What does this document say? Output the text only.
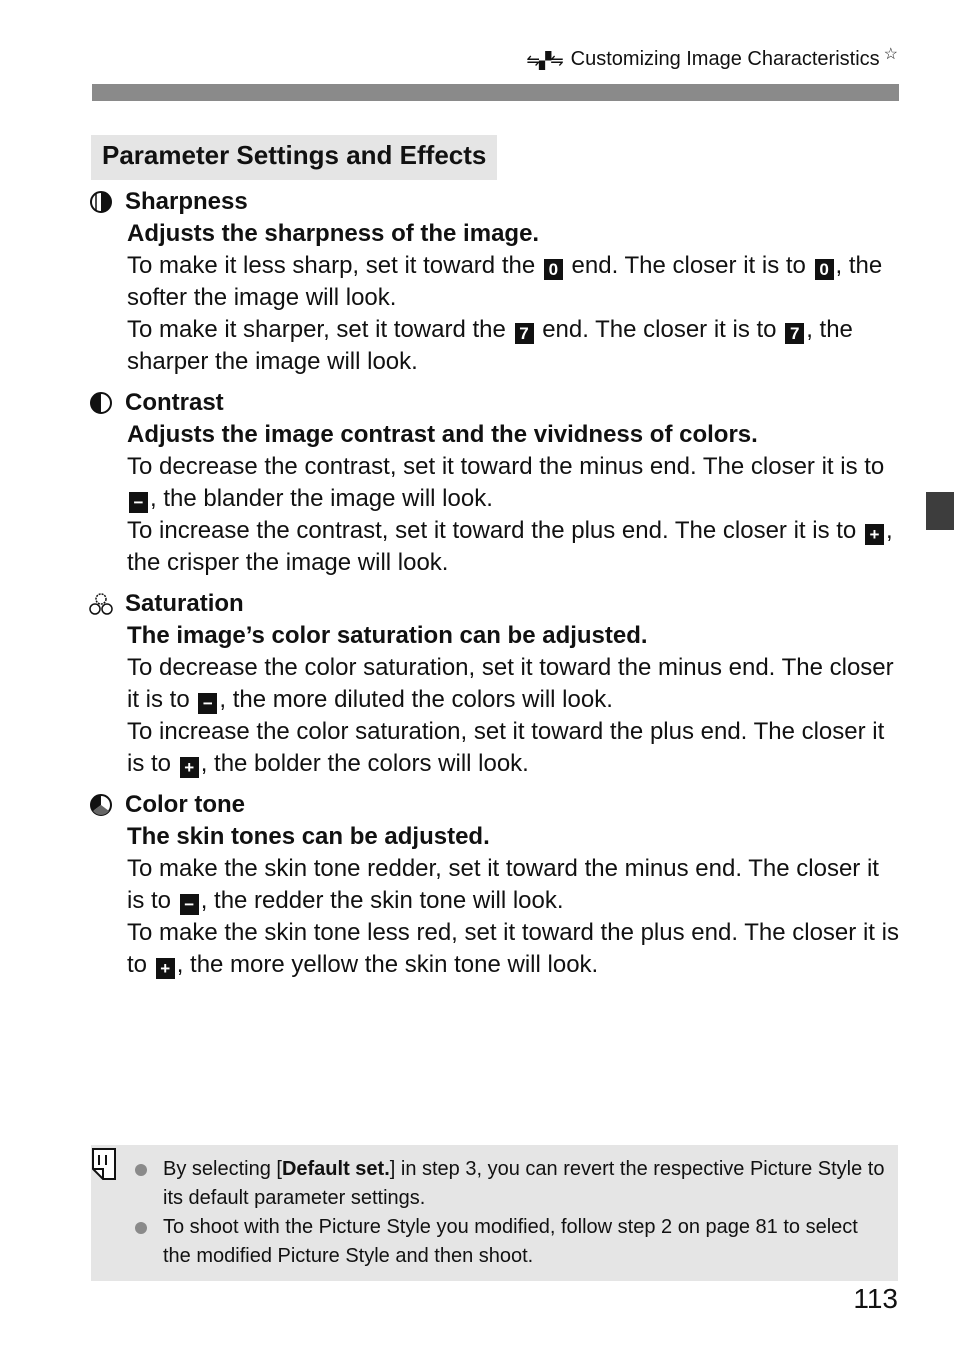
⇋▞⇋ Customizing Image Characteristics ☆
Parameter Settings and Effects
Sharpness
Adjusts the sharpness of the image.
To make it less sharp, set it toward the 0 end. The closer it is to 0 , the softer the image will look.
To make it sharper, set it toward the 7 end. The closer it is to 7 , the sharper the image will look.
Contrast
Adjusts the image contrast and the vividness of colors.
To decrease the contrast, set it toward the minus end. The closer it is to − , the blander the image will look.
To increase the contrast, set it toward the plus end. The closer it is to + , the crisper the image will look.
Saturation
The image’s color saturation can be adjusted.
To decrease the color saturation, set it toward the minus end. The closer it is to − , the more diluted the colors will look.
To increase the color saturation, set it toward the plus end. The closer it is to + , the bolder the colors will look.
Color tone
The skin tones can be adjusted.
To make the skin tone redder, set it toward the minus end. The closer it is to − , the redder the skin tone will look.
To make the skin tone less red, set it toward the plus end. The closer it is to + , the more yellow the skin tone will look.
By selecting [Default set.] in step 3, you can revert the respective Picture Style to its default parameter settings.
To shoot with the Picture Style you modified, follow step 2 on page 81 to select the modified Picture Style and then shoot.
113
